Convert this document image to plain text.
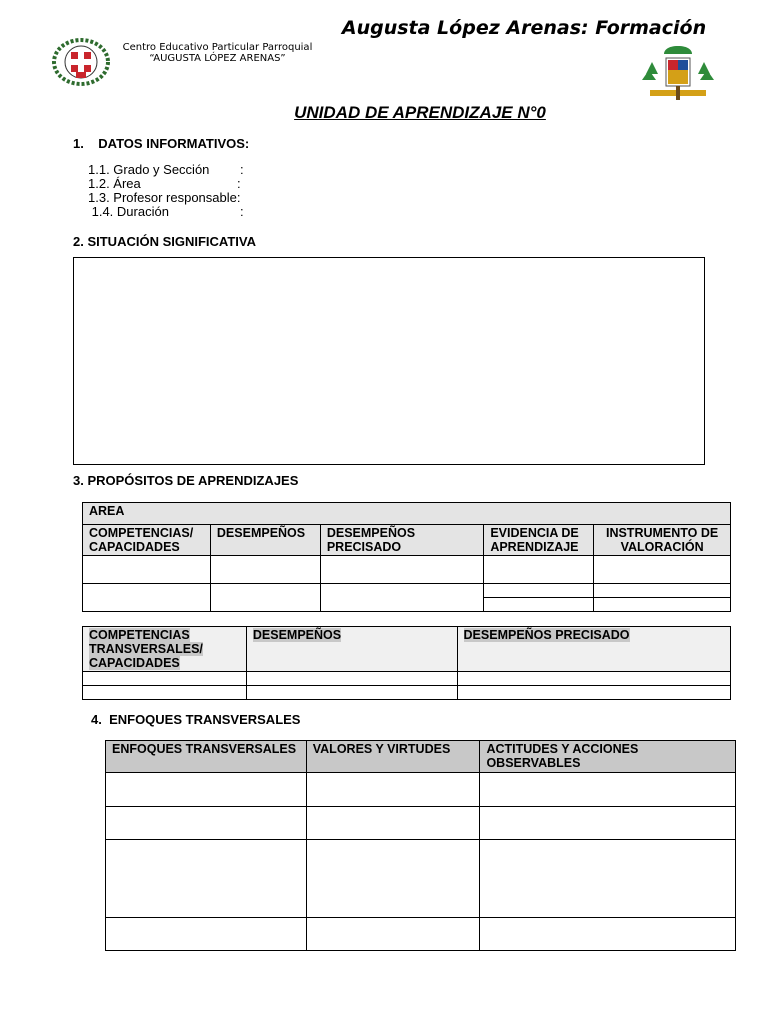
Centro Educativo Particular Parroquial
“AUGUSTA LÓPEZ ARENAS”
Augusta López Arenas: Formación
UNIDAD DE APRENDIZAJE N°0
1.    DATOS INFORMATIVOS:
1.1. Grado y Sección :
1.2. Área	:
1.3. Profesor responsable:
1.4. Duración	:
2. SITUACIÓN SIGNIFICATIVA
3. PROPÓSITOS DE APRENDIZAJES
AREA				
COMPETENCIAS/ CAPACIDADES	DESEMPEÑOS	DESEMPEÑOS PRECISADO	EVIDENCIA DE APRENDIZAJE	INSTRUMENTO DE VALORACIÓN

COMPETENCIAS TRANSVERSALES/ CAPACIDADES	DESEMPEÑOS	DESEMPEÑOS PRECISADO

4.  ENFOQUES TRANSVERSALES
ENFOQUES TRANSVERSALES	VALORES Y VIRTUDES	ACTITUDES Y ACCIONES OBSERVABLES
